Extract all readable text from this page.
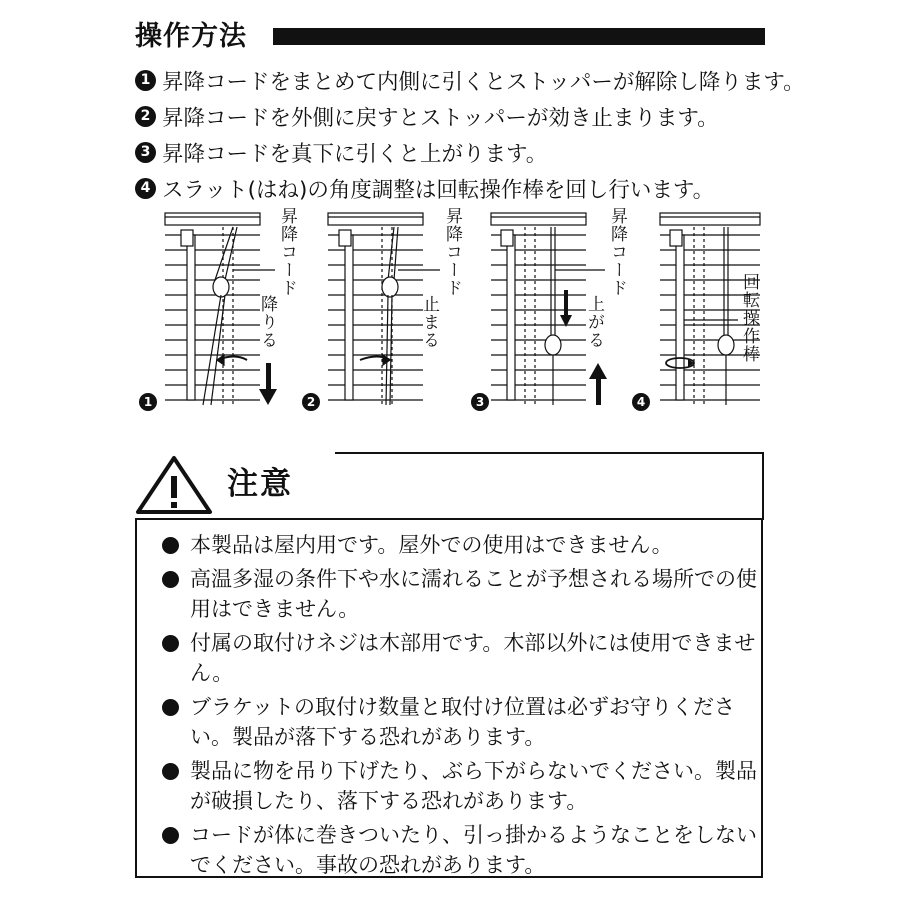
操作方法
1 昇降コードをまとめて内側に引くとストッパーが解除し降ります。
2 昇降コードを外側に戻すとストッパーが効き止まります。
3 昇降コードを真下に引くと上がります。
4 スラット(はね)の角度調整は回転操作棒を回し行います。
昇降コード
降りる
1
昇降コード
止まる
2
昇降コード
上がる
3
回転操作棒
4
注意
本製品は屋内用です。屋外での使用はできません。
高温多湿の条件下や水に濡れることが予想される場所での使用はできません。
付属の取付けネジは木部用です。木部以外には使用できません。
ブラケットの取付け数量と取付け位置は必ずお守りください。製品が落下する恐れがあります。
製品に物を吊り下げたり、ぶら下がらないでください。製品が破損したり、落下する恐れがあります。
コードが体に巻きついたり、引っ掛かるようなことをしないでください。事故の恐れがあります。
